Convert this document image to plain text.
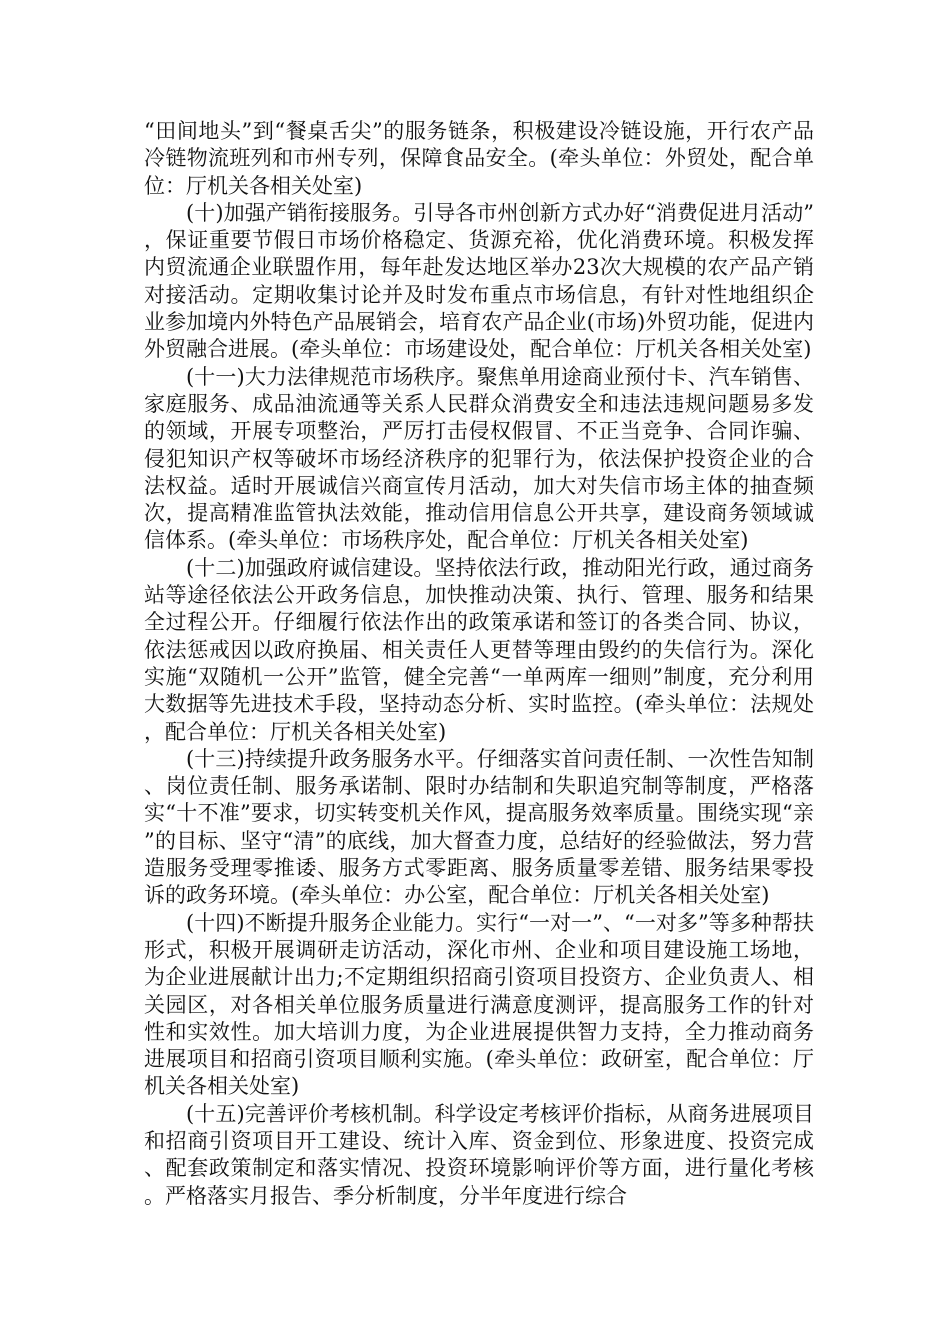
“田间地头”到“餐桌舌尖”的服务链条，积极建设冷链设施，开行农产品冷链物流班列和市州专列，保障食品安全。(牵头单位：外贸处，配合单位：厅机关各相关处室)

(十)加强产销衔接服务。引导各市州创新方式办好“消费促进月活动”，保证重要节假日市场价格稳定、货源充裕，优化消费环境。积极发挥内贸流通企业联盟作用，每年赴发达地区举办23次大规模的农产品产销对接活动。定期收集讨论并及时发布重点市场信息，有针对性地组织企业参加境内外特色产品展销会，培育农产品企业(市场)外贸功能，促进内外贸融合进展。(牵头单位：市场建设处，配合单位：厅机关各相关处室)

(十一)大力法律规范市场秩序。聚焦单用途商业预付卡、汽车销售、家庭服务、成品油流通等关系人民群众消费安全和违法违规问题易多发的领域，开展专项整治，严厉打击侵权假冒、不正当竞争、合同诈骗、侵犯知识产权等破坏市场经济秩序的犯罪行为，依法保护投资企业的合法权益。适时开展诚信兴商宣传月活动，加大对失信市场主体的抽查频次，提高精准监管执法效能，推动信用信息公开共享，建设商务领域诚信体系。(牵头单位：市场秩序处，配合单位：厅机关各相关处室)

(十二)加强政府诚信建设。坚持依法行政，推动阳光行政，通过商务站等途径依法公开政务信息，加快推动决策、执行、管理、服务和结果全过程公开。仔细履行依法作出的政策承诺和签订的各类合同、协议，依法惩戒因以政府换届、相关责任人更替等理由毁约的失信行为。深化实施“双随机一公开”监管，健全完善“一单两库一细则”制度，充分利用大数据等先进技术手段，坚持动态分析、实时监控。(牵头单位：法规处，配合单位：厅机关各相关处室)

(十三)持续提升政务服务水平。仔细落实首问责任制、一次性告知制、岗位责任制、服务承诺制、限时办结制和失职追究制等制度，严格落实“十不准”要求，切实转变机关作风，提高服务效率质量。围绕实现“亲”的目标、坚守“清”的底线，加大督查力度，总结好的经验做法，努力营造服务受理零推诿、服务方式零距离、服务质量零差错、服务结果零投诉的政务环境。(牵头单位：办公室，配合单位：厅机关各相关处室)

(十四)不断提升服务企业能力。实行“一对一”、“一对多”等多种帮扶形式，积极开展调研走访活动，深化市州、企业和项目建设施工场地，为企业进展献计出力;不定期组织招商引资项目投资方、企业负责人、相关园区，对各相关单位服务质量进行满意度测评，提高服务工作的针对性和实效性。加大培训力度，为企业进展提供智力支持，全力推动商务进展项目和招商引资项目顺利实施。(牵头单位：政研室，配合单位：厅机关各相关处室)

(十五)完善评价考核机制。科学设定考核评价指标，从商务进展项目和招商引资项目开工建设、统计入库、资金到位、形象进度、投资完成、配套政策制定和落实情况、投资环境影响评价等方面，进行量化考核。严格落实月报告、季分析制度，分半年度进行综合
